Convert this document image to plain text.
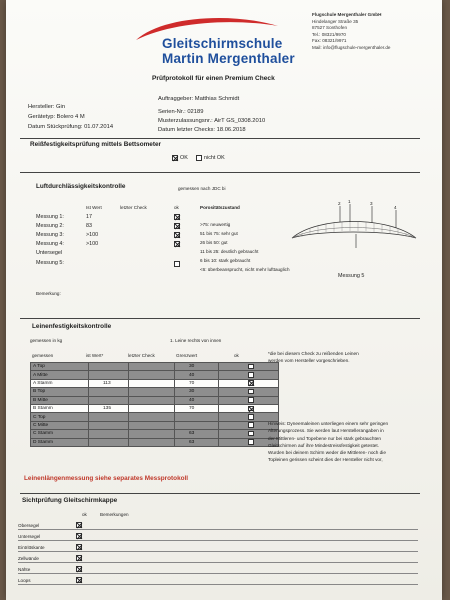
Gleitschirmschule
Martin Mergenthaler
Flugschule Mergenthaler GmbH
Hindelanger Straße 35
87527 Sonthofen
Tel.: 08321/9970
Fax: 08321/9971
Mail: info@flugschule-mergenthaler.de
Prüfprotokoll für einen Premium Check
Auftraggeber: Matthias Schmidt
Hersteller: Gin
Gerätetyp: Bolero 4 M
Datum Stückprüfung: 01.07.2014
Serien-Nr.: 02189
Musterzulassungsnr.: AirT GS_0308.2010
Datum letzter Checks: 18.06.2018
Reißfestigkeitsprüfung mittels Bettsometer
OK	nicht OK
Luftdurchlässigkeitskontrolle	gemessen nach JDC bi
Ist Wert	letzter Check	ok	Porositätszustand
Messung 1:	17
Messung 2:	83
Messung 3:	>100
Messung 4:	>100
Untersegel
Messung 5:
>75: neuwertig
51 bis 75: sehr gut
26 bis 50: gut
11 bis 25: deutlich gebraucht
6 bis 10: stark gebraucht
<6: überbeansprucht, nicht mehr lufttauglich
2 1	3
4
Messung 5
Bemerkung:
Leinenfestigkeitskontrolle
gemessen in kg	1. Leine rechts von innen
gemessen	ist Wert*	letzter Check	Grenzwert	ok
A Top			30	
A Mitte			40	
A Stamm	113		70	
B Top			30	
B Mitte			40	
B Stamm	135		70	
C Top				
C Mitte				
C Stamm			63	
D Stamm			63	
*die bei diesem Check zu reißenden Leinen
werden vom Hersteller vorgeschrieben.
Hinweis: Dyneemaleinen unterliegen einem sehr geringen
Alterungsprozess. Sie werden laut Herstellerangaben in
der Mittleren- und Topebene nur bei stark gebrauchten
Gleitschirmen auf ihre Mindestreissfestigkeit getestet.
Wurden bei deinem Schirm weder die Mittleren- noch die
Topleinen gerissen scheint dies der Hersteller nicht vor,
Leinenlängenmessung siehe separates Messprotokoll
Sichtprüfung Gleitschirmkappe
ok	Bemerkungen
Obersegel
Untersegel
Eintrittskante
Zellwände
Nähte
Loops
